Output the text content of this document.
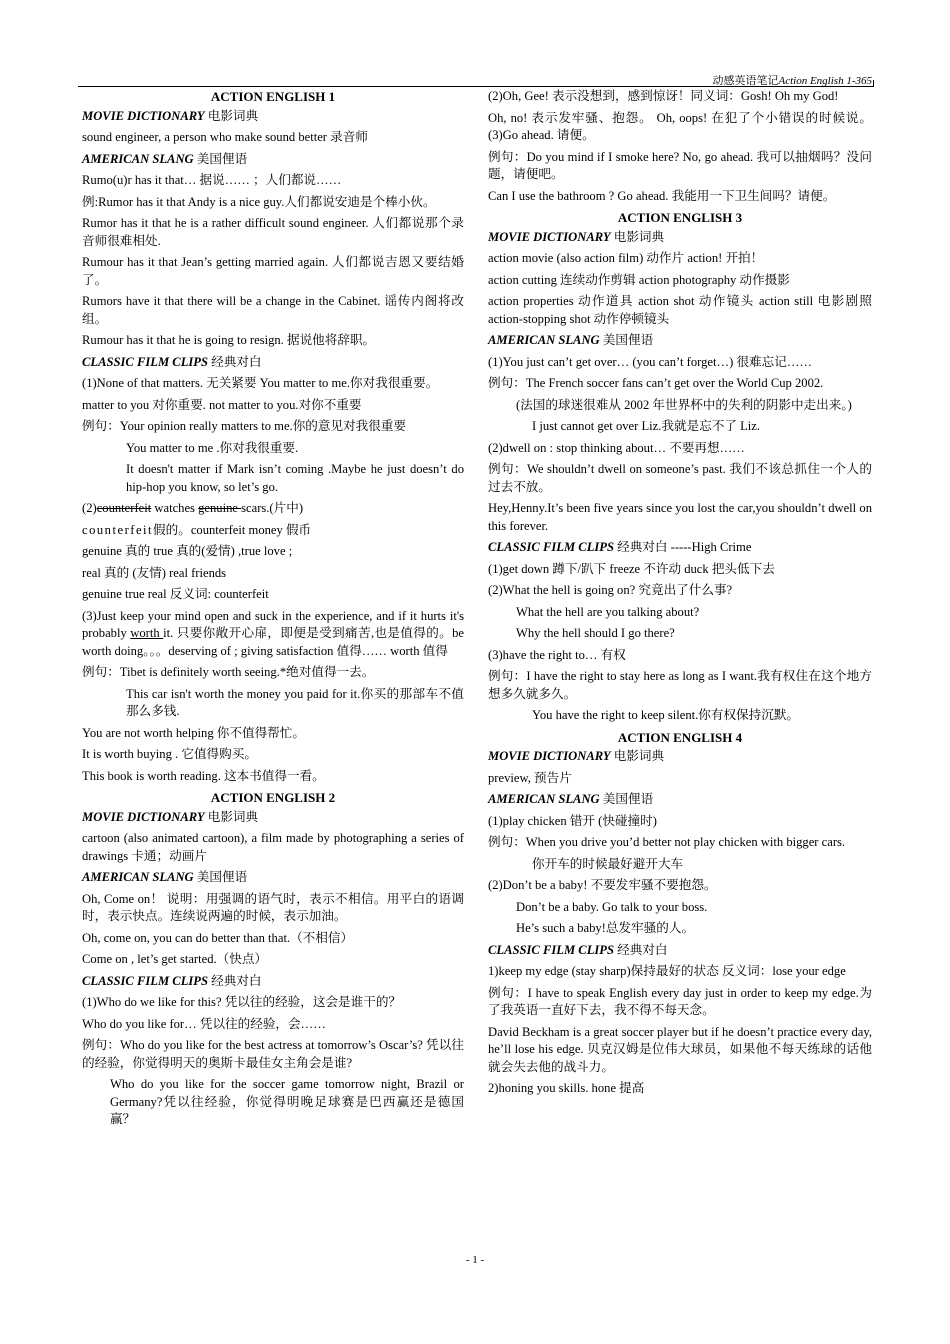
动感英语笔记Action English 1-365
ACTION ENGLISH 1

MOVIE DICTIONARY 电影词典

sound engineer, a person who make sound better 录音师

AMERICAN SLANG 美国俚语

Rumo(u)r has it that… 据说…… ；人们都说……

例:Rumor has it that Andy is a nice guy.人们都说安迪是个棒小伙。

Rumor has it that he is a rather difficult sound engineer. 人们都说那个录音师很难相处.

Rumour has it that Jean’s getting married again. 人们都说吉恩又要结婚了。

Rumors have it that there will be a change in the Cabinet. 谣传内阁将改组。

Rumour has it that he is going to resign. 据说他将辞职。

CLASSIC FILM CLIPS 经典对白

(1)None of that matters. 无关紧要 You matter to me.你对我很重要。

matter to you 对你重要. not matter to you.对你不重要

例句：Your opinion really matters to me.你的意见对我很重要

You matter to me .你对我很重要.

It doesn't matter if Mark isn’t coming .Maybe he just doesn’t do hip-hop you know, so let’s go.

(2)counterfeit watches genuine scars.(片中)

counterfeit假的。counterfeit money 假币

genuine 真的 true 真的(爱情) ,true love ;

real 真的 (友情) real friends

genuine true real 反义词: counterfeit

(3)Just keep your mind open and suck in the experience, and if it hurts it's probably worth it. 只要你敞开心扉，即便是受到痛苦,也是值得的。be worth doing。。。deserving of ; giving satisfaction 值得…… worth 值得

例句：Tibet is definitely worth seeing.*绝对值得一去。

This car isn't worth the money you paid for it.你买的那部车不值那么多钱.

You are not worth helping 你不值得帮忙。

It is worth buying . 它值得购买。

This book is worth reading. 这本书值得一看。

ACTION ENGLISH 2

MOVIE DICTIONARY 电影词典

cartoon (also animated cartoon), a film made by photographing a series of drawings 卡通；动画片

AMERICAN SLANG 美国俚语

Oh, Come on！ 说明：用强调的语气时，表示不相信。用平白的语调时，表示快点。连续说两遍的时候，表示加油。

Oh, come on, you can do better than that.（不相信）

Come on , let’s get started.（快点）

CLASSIC FILM CLIPS 经典对白

(1)Who do we like for this? 凭以往的经验，这会是谁干的？

Who do you like for… 凭以往的经验，会……

例句：Who do you like for the best actress at tomorrow’s Oscar’s? 凭以往的经验，你觉得明天的奥斯卡最佳女主角会是谁?

Who do you like for the soccer game tomorrow night, Brazil or Germany?凭以往经验，你觉得明晚足球赛是巴西赢还是德国赢？

(2)Oh, Gee! 表示没想到，感到惊讶！同义词：Gosh! Oh my God!

Oh, no! 表示发牢骚、抱怨。 Oh, oops! 在犯了个小错误的时候说。 (3)Go ahead. 请便。

例句：Do you mind if I smoke here? No, go ahead. 我可以抽烟吗？没问题，请便吧。

Can I use the bathroom ? Go ahead. 我能用一下卫生间吗？请便。

ACTION ENGLISH 3

MOVIE DICTIONARY 电影词典

action movie (also action film) 动作片 action! 开拍！

action cutting 连续动作剪辑 action photography 动作摄影

action properties 动作道具 action shot 动作镜头 action still 电影剧照 action-stopping shot 动作停顿镜头

AMERICAN SLANG 美国俚语

(1)You just can’t get over… (you can’t forget…) 很难忘记……

例句：The French soccer fans can’t get over the World Cup 2002.

(法国的球迷很难从 2002 年世界杯中的失利的阴影中走出来。)

I just cannot get over Liz.我就是忘不了 Liz.

(2)dwell on : stop thinking about… 不要再想……

例句：We shouldn’t dwell on someone’s past. 我们不该总抓住一个人的过去不放。

Hey,Henny.It’s been five years since you lost the car,you shouldn’t dwell on this forever.

CLASSIC FILM CLIPS 经典对白 -----High Crime

(1)get down 蹲下/趴下 freeze 不许动 duck 把头低下去

(2)What the hell is going on? 究竟出了什么事?

What the hell are you talking about?

Why the hell should I go there?

(3)have the right to… 有权

例句：I have the right to stay here as long as I want.我有权住在这个地方想多久就多久。

You have the right to keep silent.你有权保持沉默。

ACTION ENGLISH 4

MOVIE DICTIONARY 电影词典

preview, 预告片

AMERICAN SLANG 美国俚语

(1)play chicken 错开 (快碰撞时)

例句：When you drive you’d better not play chicken with bigger cars.

你开车的时候最好避开大车

(2)Don’t be a baby! 不要发牢骚不要抱怨。

Don’t be a baby. Go talk to your boss.

He’s such a baby!总发牢骚的人。

CLASSIC FILM CLIPS 经典对白

1)keep my edge (stay sharp)保持最好的状态 反义词：lose your edge

例句：I have to speak English every day just in order to keep my edge.为了我英语一直好下去，我不得不每天念。

David Beckham is a great soccer player but if he doesn’t practice every day, he’ll lose his edge. 贝克汉姆是位伟大球员，如果他不每天练球的话他就会失去他的战斗力。

2)honing you skills. hone 提高

- 1 -
